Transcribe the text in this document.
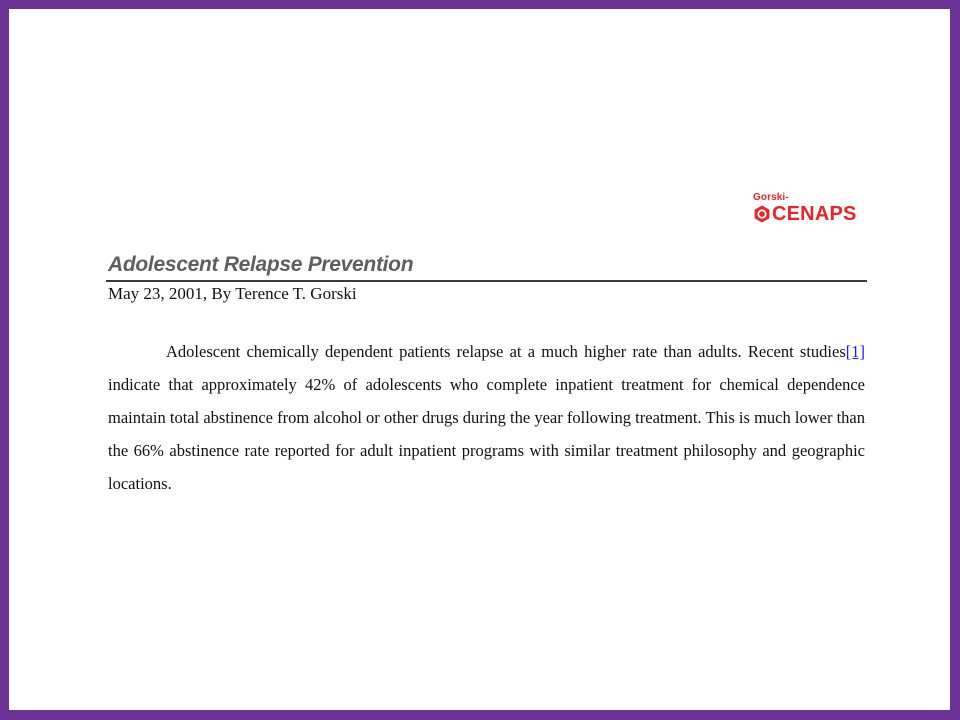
Gorski-
CENAPS
Adolescent Relapse Prevention
May 23, 2001, By Terence T. Gorski

Adolescent chemically dependent patients relapse at a much higher rate than adults. Recent studies[1] indicate that approximately 42% of adolescents who complete inpatient treatment for chemical dependence maintain total abstinence from alcohol or other drugs during the year following treatment. This is much lower than the 66% abstinence rate reported for adult inpatient programs with similar treatment philosophy and geographic locations.
